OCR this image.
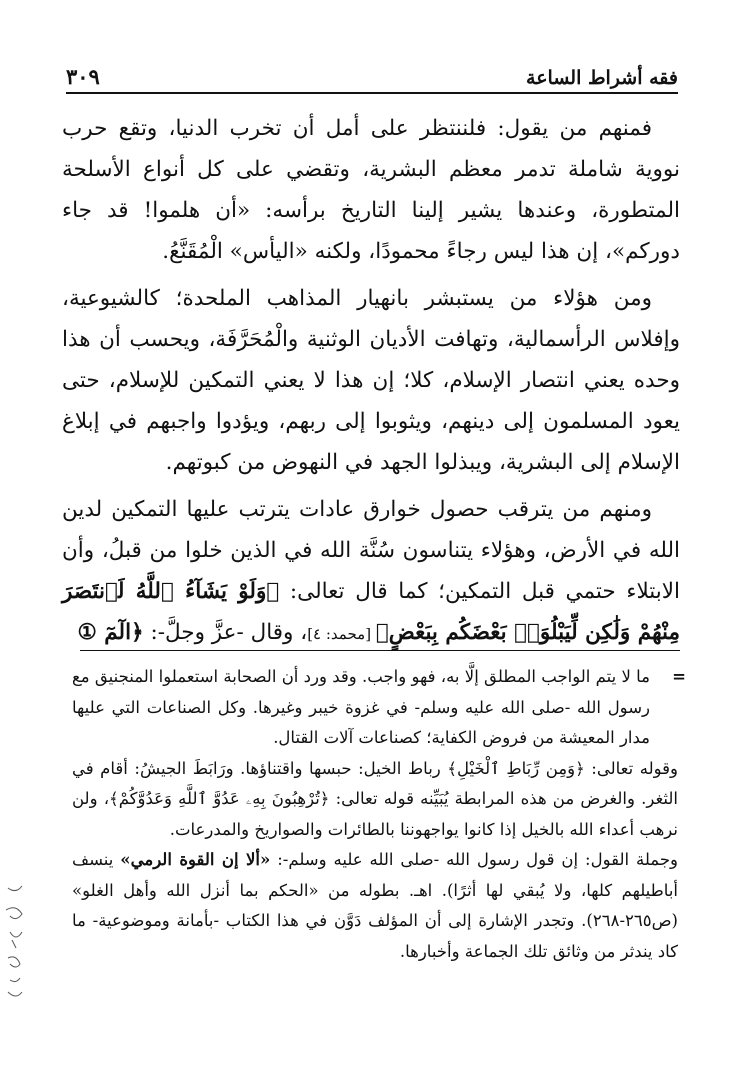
فقه أشراط الساعة
٣٠٩

فمنهم من يقول: فلننتظر على أمل أن تخرب الدنيا، وتقع حرب نووية شاملة تدمر معظم البشرية، وتقضي على كل أنواع الأسلحة المتطورة، وعندها يشير إلينا التاريخ برأسه: «أن هلموا! قد جاء دوركم»، إن هذا ليس رجاءً محمودًا، ولكنه «اليأس» الْمُقَنَّعُ.

ومن هؤلاء من يستبشر بانهيار المذاهب الملحدة؛ كالشيوعية، وإفلاس الرأسمالية، وتهافت الأديان الوثنية والْمُحَرَّفَة، ويحسب أن هذا وحده يعني انتصار الإسلام، كلا؛ إن هذا لا يعني التمكين للإسلام، حتى يعود المسلمون إلى دينهم، ويثوبوا إلى ربهم، ويؤدوا واجبهم في إبلاغ الإسلام إلى البشرية، ويبذلوا الجهد في النهوض من كبوتهم.

ومنهم من يترقب حصول خوارق عادات يترتب عليها التمكين لدين الله في الأرض، وهؤلاء يتناسون سُنَّة الله في الذين خلوا من قبلُ، وأن الابتلاء حتمي قبل التمكين؛ كما قال تعالى: ﴿وَلَوْ يَشَآءُ ٱللَّهُ لَٱنتَصَرَ مِنْهُمْ وَلَٰكِن لِّيَبْلُوَا۟ بَعْضَكُم بِبَعْضٍ﴾ [محمد: ٤]، وقال -عزَّ وجلَّ-: ﴿الٓمٓ ①

=
ما لا يتم الواجب المطلق إلَّا به، فهو واجب. وقد ورد أن الصحابة استعملوا المنجنيق مع رسول الله -صلى الله عليه وسلم- في غزوة خيبر وغيرها. وكل الصناعات التي عليها مدار المعيشة من فروض الكفاية؛ كصناعات آلات القتال.

وقوله تعالى: ﴿وَمِن رِّبَاطِ ٱلْخَيْلِ﴾ رباط الخيل: حبسها واقتناؤها. ورَابَطَ الجيشُ: أقام في الثغر. والغرض من هذه المرابطة يُبَيِّنه قوله تعالى: ﴿تُرْهِبُونَ بِهِۦ عَدُوَّ ٱللَّهِ وَعَدُوَّكُمْ﴾، ولن نرهب أعداء الله بالخيل إذا كانوا يواجهوننا بالطائرات والصواريخ والمدرعات.

وجملة القول: إن قول رسول الله -صلى الله عليه وسلم-: «ألا إن القوة الرمي» ينسف أباطيلهم كلها، ولا يُبقي لها أثرًا). اهـ. بطوله من «الحكم بما أنزل الله وأهل الغلو» (ص٢٦٥-٢٦٨). وتجدر الإشارة إلى أن المؤلف دَوَّن في هذا الكتاب -بأمانة وموضوعية- ما كاد يندثر من وثائق تلك الجماعة وأخبارها.
